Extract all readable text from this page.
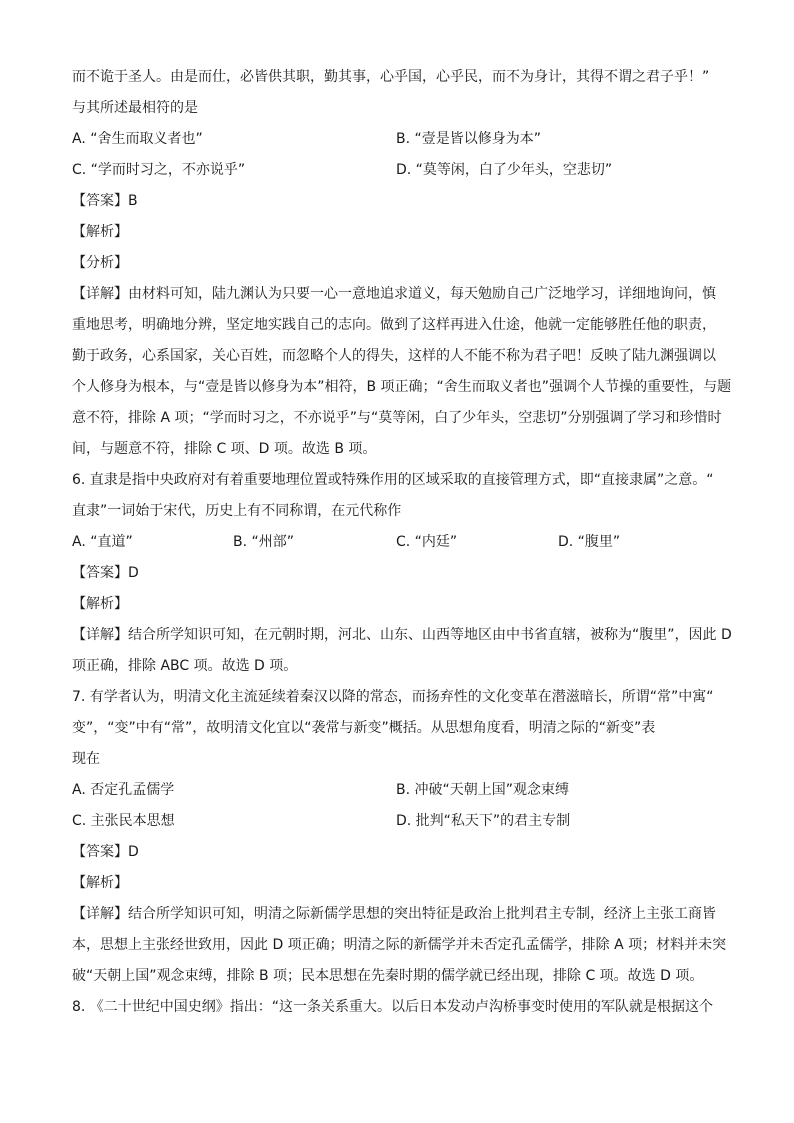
而不诡于圣人。由是而仕，必皆供其职，勤其事，心乎国，心乎民，而不为身计，其得不谓之君子乎！”
与其所述最相符的是
A. “舍生而取义者也”	B. “壹是皆以修身为本”
C. “学而时习之，不亦说乎”	D. “莫等闲，白了少年头，空悲切”
【答案】B
【解析】
【分析】
【详解】由材料可知，陆九渊认为只要一心一意地追求道义，每天勉励自己广泛地学习，详细地询问，慎
重地思考，明确地分辨，坚定地实践自己的志向。做到了这样再进入仕途，他就一定能够胜任他的职责，
勤于政务，心系国家，关心百姓，而忽略个人的得失，这样的人不能不称为君子吧！反映了陆九渊强调以
个人修身为根本，与“壹是皆以修身为本”相符，B 项正确；“舍生而取义者也”强调个人节操的重要性，与题
意不符，排除 A 项；“学而时习之，不亦说乎”与“莫等闲，白了少年头，空悲切”分别强调了学习和珍惜时
间，与题意不符，排除 C 项、D 项。故选 B 项。
6. 直隶是指中央政府对有着重要地理位置或特殊作用的区域采取的直接管理方式，即“直接隶属”之意。“
直隶”一词始于宋代，历史上有不同称谓，在元代称作
A. “直道”	B. “州部”	C. “内廷”	D. “腹里”
【答案】D
【解析】
【详解】结合所学知识可知，在元朝时期，河北、山东、山西等地区由中书省直辖，被称为“腹里”，因此 D
项正确，排除 ABC 项。故选 D 项。
7. 有学者认为，明清文化主流延续着秦汉以降的常态，而扬弃性的文化变革在潜滋暗长，所谓“常”中寓“
变”，“变”中有“常”，故明清文化宜以“袭常与新变”概括。从思想角度看，明清之际的“新变”表
现在
A. 否定孔孟儒学	B. 冲破“天朝上国”观念束缚
C. 主张民本思想	D. 批判“私天下”的君主专制
【答案】D
【解析】
【详解】结合所学知识可知，明清之际新儒学思想的突出特征是政治上批判君主专制，经济上主张工商皆
本，思想上主张经世致用，因此 D 项正确；明清之际的新儒学并未否定孔孟儒学，排除 A 项；材料并未突
破“天朝上国”观念束缚，排除 B 项；民本思想在先秦时期的儒学就已经出现，排除 C 项。故选 D 项。
8. 《二十世纪中国史纲》指出：“这一条关系重大。以后日本发动卢沟桥事变时使用的军队就是根据这个
